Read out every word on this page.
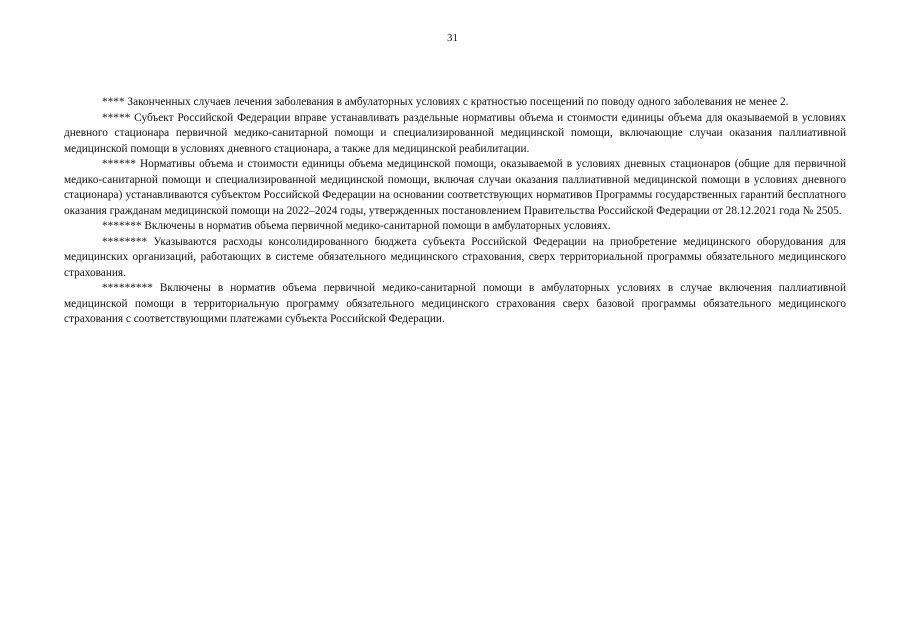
31

**** Законченных случаев лечения заболевания в амбулаторных условиях с кратностью посещений по поводу одного заболевания не менее 2.

***** Субъект Российской Федерации вправе устанавливать раздельные нормативы объема и стоимости единицы объема для оказываемой в условиях дневного стационара первичной медико-санитарной помощи и специализированной медицинской помощи, включающие случаи оказания паллиативной медицинской помощи в условиях дневного стационара, а также для медицинской реабилитации.

****** Нормативы объема и стоимости единицы объема медицинской помощи, оказываемой в условиях дневных стационаров (общие для первичной медико-санитарной помощи и специализированной медицинской помощи, включая случаи оказания паллиативной медицинской помощи в условиях дневного стационара) устанавливаются субъектом Российской Федерации на основании соответствующих нормативов Программы государственных гарантий бесплатного оказания гражданам медицинской помощи на 2022–2024 годы, утвержденных постановлением Правительства Российской Федерации от 28.12.2021 года № 2505.

******* Включены в норматив объема первичной медико-санитарной помощи в амбулаторных условиях.

******** Указываются расходы консолидированного бюджета субъекта Российской Федерации на приобретение медицинского оборудования для медицинских организаций, работающих в системе обязательного медицинского страхования, сверх территориальной программы обязательного медицинского страхования.

********* Включены в норматив объема первичной медико-санитарной помощи в амбулаторных условиях в случае включения паллиативной медицинской помощи в территориальную программу обязательного медицинского страхования сверх базовой программы обязательного медицинского страхования с соответствующими платежами субъекта Российской Федерации.
